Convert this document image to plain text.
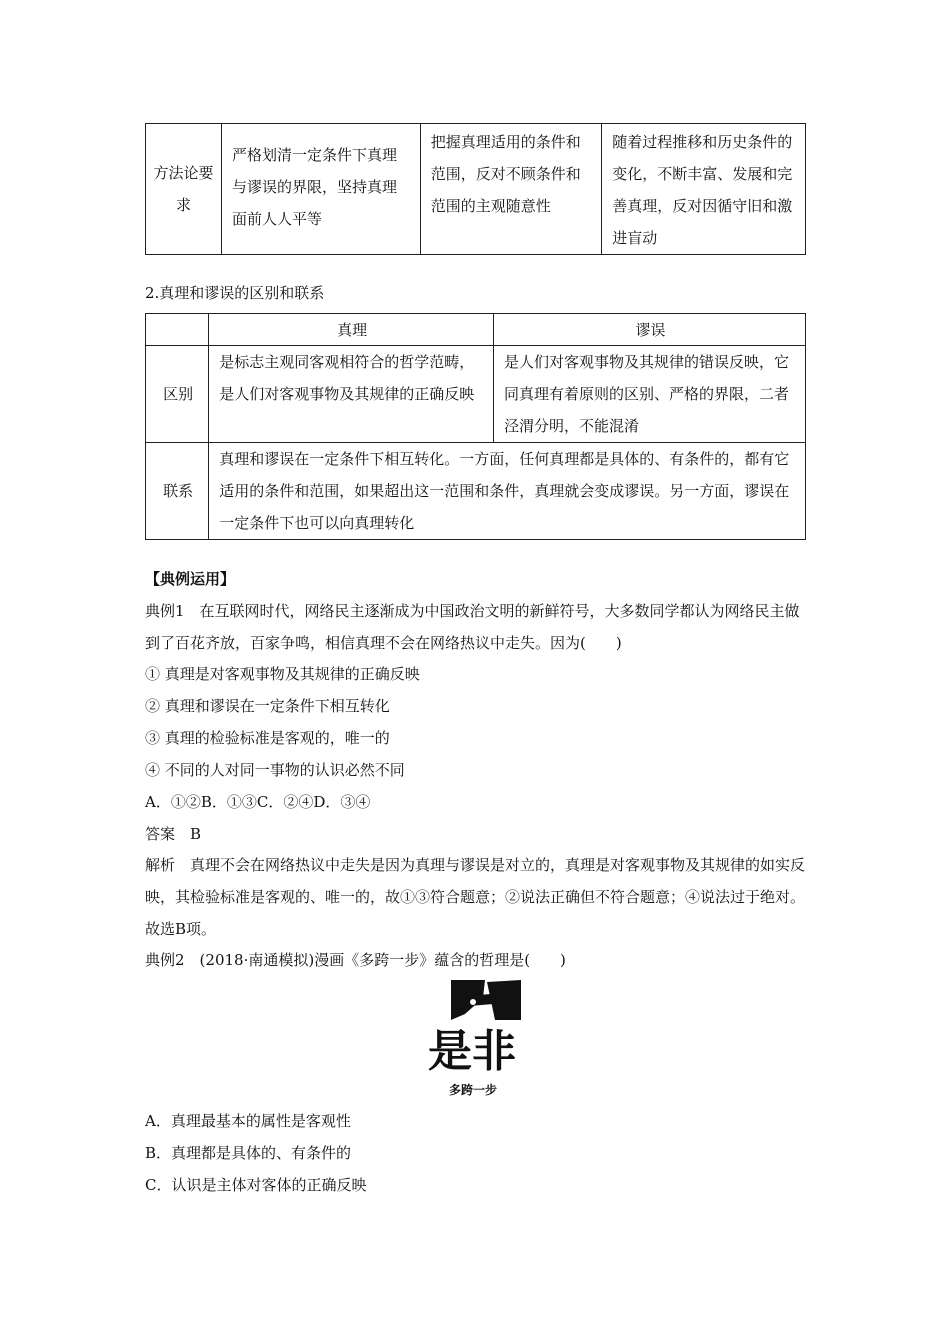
方法论要求	严格划清一定条件下真理与谬误的界限，坚持真理面前人人平等	把握真理适用的条件和范围，反对不顾条件和范围的主观随意性	随着过程推移和历史条件的变化，不断丰富、发展和完善真理，反对因循守旧和激进盲动
2.真理和谬误的区别和联系
	真理	谬误
区别	是标志主观同客观相符合的哲学范畴，是人们对客观事物及其规律的正确反映	是人们对客观事物及其规律的错误反映，它同真理有着原则的区别、严格的界限，二者泾渭分明，不能混淆
联系	真理和谬误在一定条件下相互转化。一方面，任何真理都是具体的、有条件的，都有它适用的条件和范围，如果超出这一范围和条件，真理就会变成谬误。另一方面，谬误在一定条件下也可以向真理转化	
【典例运用】
典例1　在互联网时代，网络民主逐渐成为中国政治文明的新鲜符号，大多数同学都认为网络民主做到了百花齐放，百家争鸣，相信真理不会在网络热议中走失。因为(　　)
① 真理是对客观事物及其规律的正确反映
② 真理和谬误在一定条件下相互转化
③ 真理的检验标准是客观的，唯一的
④ 不同的人对同一事物的认识必然不同
A．①②B．①③C．②④D．③④
答案　B
解析　真理不会在网络热议中走失是因为真理与谬误是对立的，真理是对客观事物及其规律的如实反映，其检验标准是客观的、唯一的，故①③符合题意；②说法正确但不符合题意；④说法过于绝对。故选B项。
典例2　(2018·南通模拟)漫画《多跨一步》蕴含的哲理是(　　)
是非
多跨一步
A．真理最基本的属性是客观性
B．真理都是具体的、有条件的
C．认识是主体对客体的正确反映
